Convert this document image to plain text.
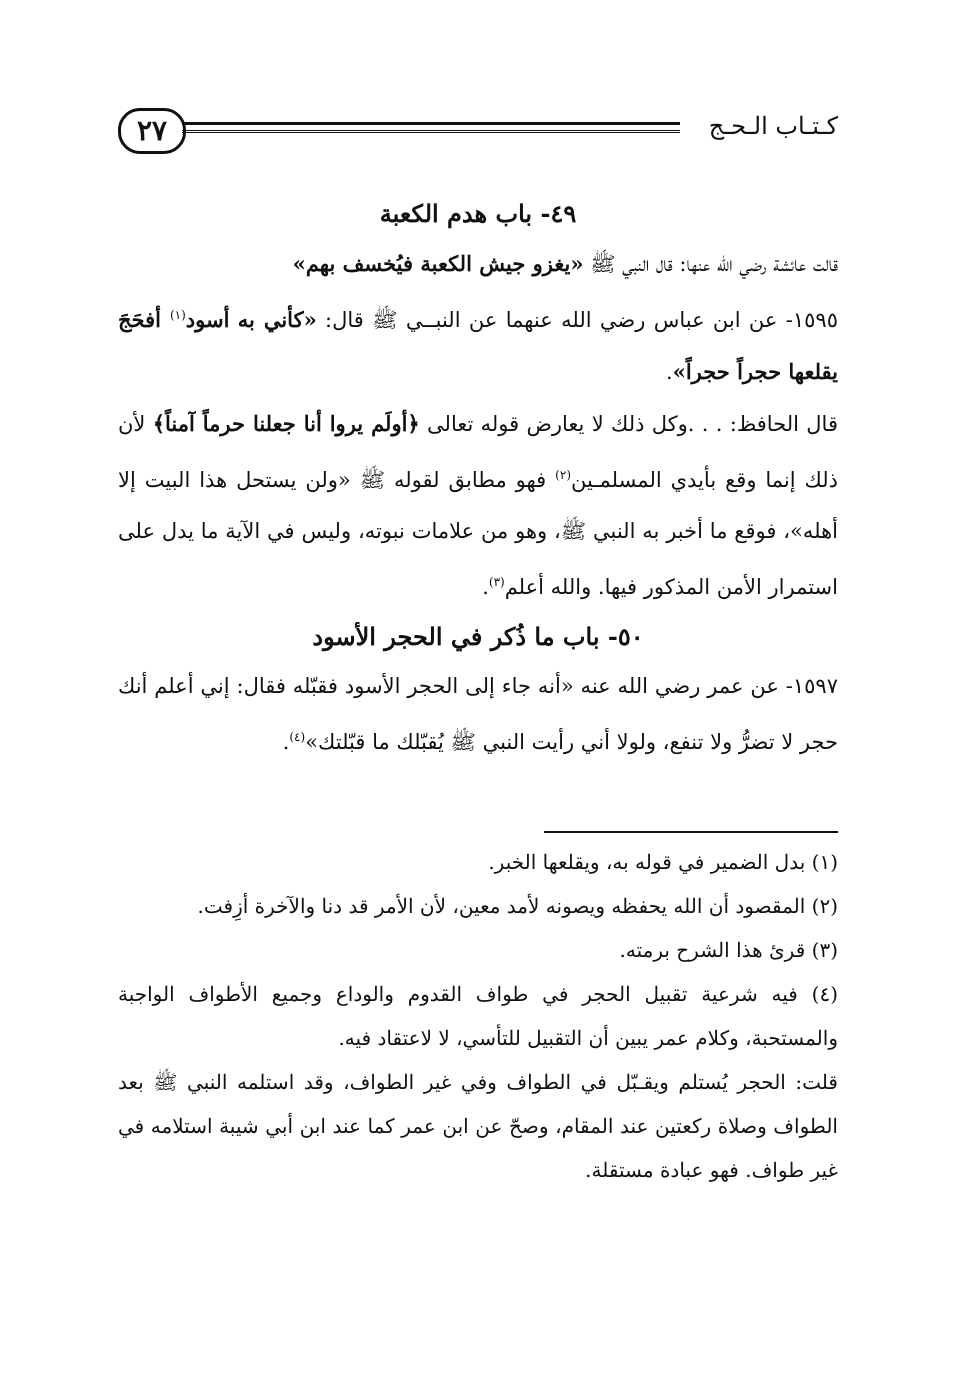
٢٧	كـتـاب الـحـج
٤٩- باب هدم الكعبة

قالت عائشة رضي الله عنها: قال النبي ﷺ «يغزو جيش الكعبة فيُخسف بهم»

١٥٩٥- عن ابن عباس رضي الله عنهما عن النبــي ﷺ قال: «كأني به أسود$^{(١)}$ أفحَجَ يقلعها حجراً حجراً».

قال الحافظ: . . .وكل ذلك لا يعارض قوله تعالى ﴿أولَم يروا أنا جعلنا حرماً آمناً﴾ لأن ذلك إنما وقع بأيدي المسلمـين$^{(٢)}$ فهو مطابق لقوله ﷺ «ولن يستحل هذا البيت إلا أهله»، فوقع ما أخبر به النبي ﷺ، وهو من علامات نبوته، وليس في الآية ما يدل على استمرار الأمن المذكور فيها. والله أعلم$^{(٣)}$.

٥٠- باب ما ذُكر في الحجر الأسود

١٥٩٧- عن عمر رضي الله عنه «أنه جاء إلى الحجر الأسود فقبّله فقال: إني أعلم أنك حجر لا تضرُّ ولا تنفع، ولولا أني رأيت النبي ﷺ يُقبّلك ما قبّلتك»$^{(٤)}$.

(١) بدل الضمير في قوله به، ويقلعها الخبر.

(٢) المقصود أن الله يحفظه ويصونه لأمد معين، لأن الأمر قد دنا والآخرة أزِفت.

(٣) قرئ هذا الشرح برمته.

(٤) فيه شرعية تقبيل الحجر في طواف القدوم والوداع وجميع الأطواف الواجبة والمستحبة، وكلام عمر يبين أن التقبيل للتأسي، لا لاعتقاد فيه.

قلت: الحجر يُستلم ويقـبّل في الطواف وفي غير الطواف، وقد استلمه النبي ﷺ بعد الطواف وصلاة ركعتين عند المقام، وصحّ عن ابن عمر كما عند ابن أبي شيبة استلامه في غير طواف. فهو عبادة مستقلة.
